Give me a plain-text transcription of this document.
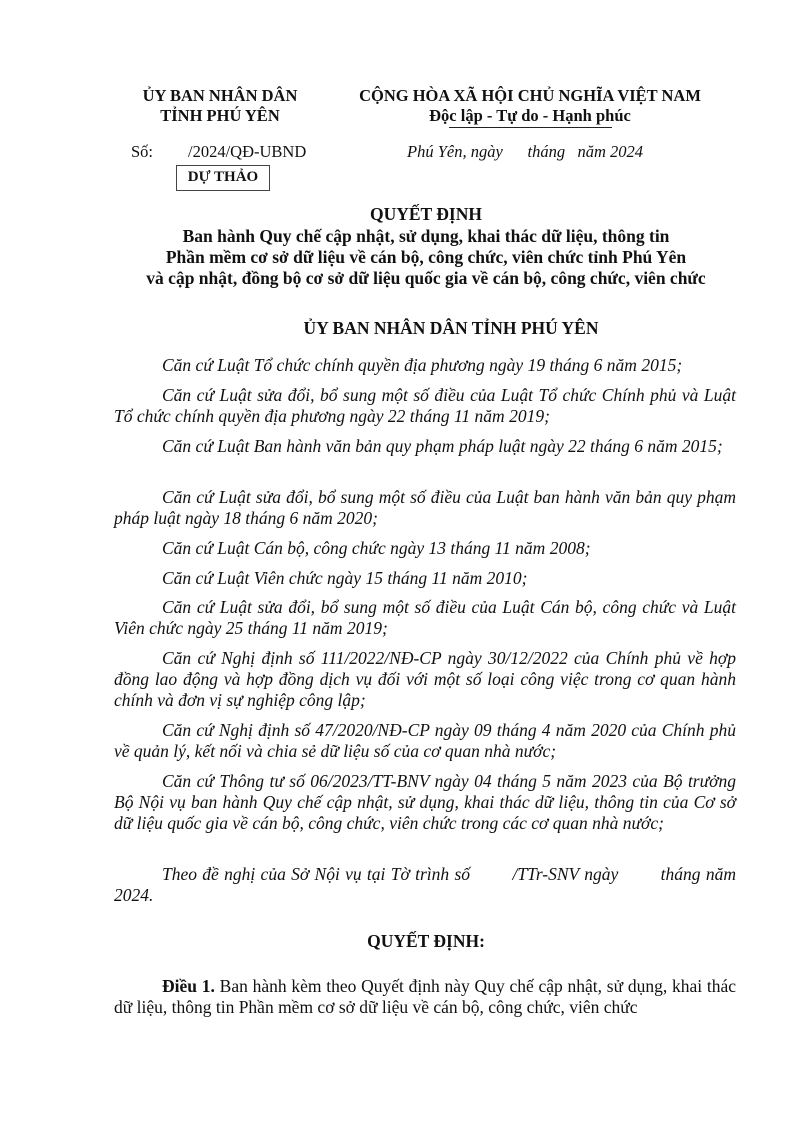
ỦY BAN NHÂN DÂN
TỈNH PHÚ YÊN
CỘNG HÒA XÃ HỘI CHỦ NGHĨA VIỆT NAM
Độc lập - Tự do - Hạnh phúc
Số: /2024/QĐ-UBND	Phú Yên, ngày      tháng   năm 2024
DỰ THẢO
QUYẾT ĐỊNH
Ban hành Quy chế cập nhật, sử dụng, khai thác dữ liệu, thông tin
Phần mềm cơ sở dữ liệu về cán bộ, công chức, viên chức tỉnh Phú Yên
và cập nhật, đồng bộ cơ sở dữ liệu quốc gia về cán bộ, công chức, viên chức
ỦY BAN NHÂN DÂN TỈNH PHÚ YÊN
Căn cứ Luật Tổ chức chính quyền địa phương ngày 19 tháng 6 năm 2015;
Căn cứ Luật sửa đổi, bổ sung một số điều của Luật Tổ chức Chính phủ và Luật Tổ chức chính quyền địa phương ngày 22 tháng 11 năm 2019;
Căn cứ Luật Ban hành văn bản quy phạm pháp luật ngày 22 tháng 6 năm 2015;
Căn cứ Luật sửa đổi, bổ sung một số điều của Luật ban hành văn bản quy phạm pháp luật ngày 18 tháng 6 năm 2020;
Căn cứ Luật Cán bộ, công chức ngày 13 tháng 11 năm 2008;
Căn cứ Luật Viên chức ngày 15 tháng 11 năm 2010;
Căn cứ Luật sửa đổi, bổ sung một số điều của Luật Cán bộ, công chức và Luật Viên chức ngày 25 tháng 11 năm 2019;
Căn cứ Nghị định số 111/2022/NĐ-CP ngày 30/12/2022 của Chính phủ về hợp đồng lao động và hợp đồng dịch vụ đối với một số loại công việc trong cơ quan hành chính và đơn vị sự nghiệp công lập;
Căn cứ Nghị định số 47/2020/NĐ-CP ngày 09 tháng 4 năm 2020 của Chính phủ về quản lý, kết nối và chia sẻ dữ liệu số của cơ quan nhà nước;
Căn cứ Thông tư số 06/2023/TT-BNV ngày 04 tháng 5 năm 2023 của Bộ trưởng Bộ Nội vụ ban hành Quy chế cập nhật, sử dụng, khai thác dữ liệu, thông tin của Cơ sở dữ liệu quốc gia về cán bộ, công chức, viên chức trong các cơ quan nhà nước;
Theo đề nghị của Sở Nội vụ tại Tờ trình số        /TTr-SNV ngày        tháng năm 2024.
QUYẾT ĐỊNH:
Điều 1. Ban hành kèm theo Quyết định này Quy chế cập nhật, sử dụng, khai thác dữ liệu, thông tin Phần mềm cơ sở dữ liệu về cán bộ, công chức, viên chức
